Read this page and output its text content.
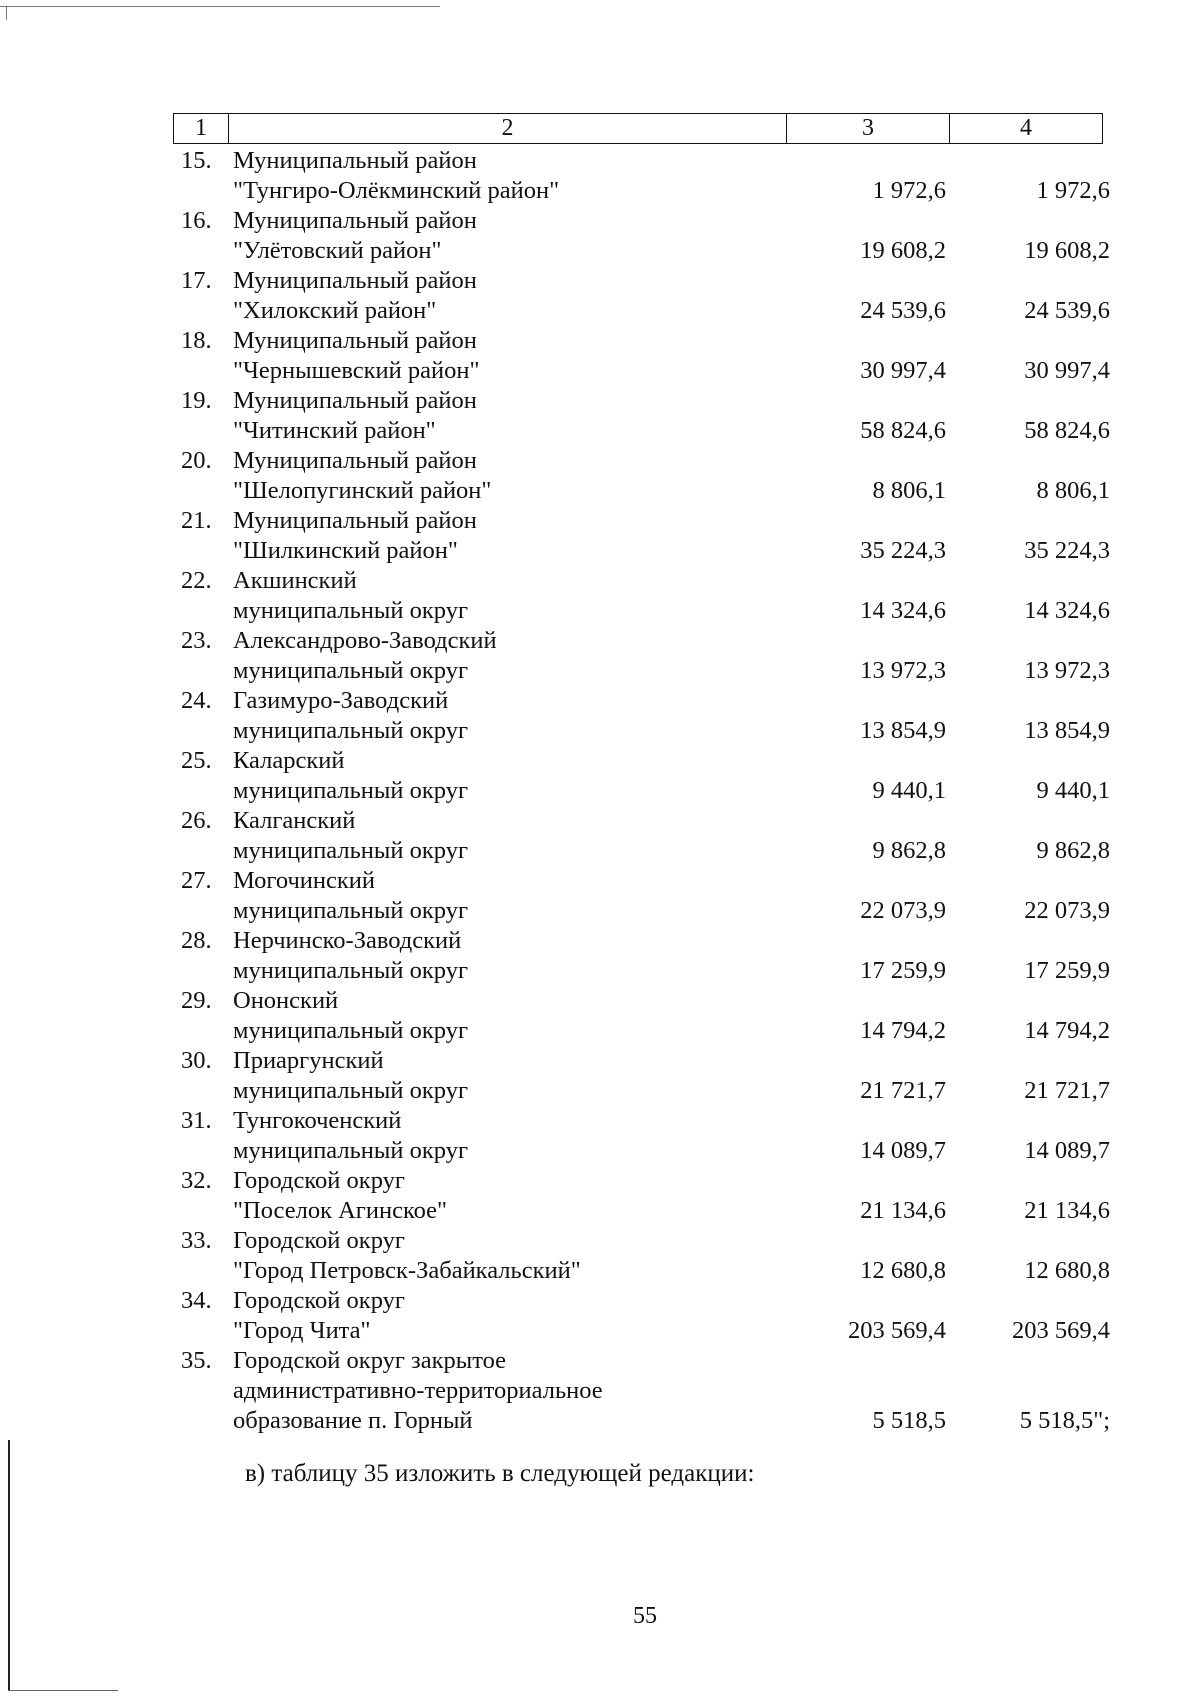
1	2	3	4
15. Муниципальный район
"Тунгиро-Олёкминский район"	1 972,6	1 972,6
16. Муниципальный район
"Улётовский район"	19 608,2	19 608,2
17. Муниципальный район
"Хилокский район"	24 539,6	24 539,6
18. Муниципальный район
"Чернышевский район"	30 997,4	30 997,4
19. Муниципальный район
"Читинский район"	58 824,6	58 824,6
20. Муниципальный район
"Шелопугинский район"	8 806,1	8 806,1
21. Муниципальный район
"Шилкинский район"	35 224,3	35 224,3
22. Акшинский
муниципальный округ	14 324,6	14 324,6
23. Александрово-Заводский
муниципальный округ	13 972,3	13 972,3
24. Газимуро-Заводский
муниципальный округ	13 854,9	13 854,9
25. Каларский
муниципальный округ	9 440,1	9 440,1
26. Калганский
муниципальный округ	9 862,8	9 862,8
27. Могочинский
муниципальный округ	22 073,9	22 073,9
28. Нерчинско-Заводский
муниципальный округ	17 259,9	17 259,9
29. Ононский
муниципальный округ	14 794,2	14 794,2
30. Приаргунский
муниципальный округ	21 721,7	21 721,7
31. Тунгокоченский
муниципальный округ	14 089,7	14 089,7
32. Городской округ
"Поселок Агинское"	21 134,6	21 134,6
33. Городской округ
"Город Петровск-Забайкальский"	12 680,8	12 680,8
34. Городской округ
"Город Чита"	203 569,4	203 569,4
35. Городской округ закрытое
административно-территориальное
образование п. Горный	5 518,5	5 518,5";
в) таблицу 35 изложить в следующей редакции:
55
